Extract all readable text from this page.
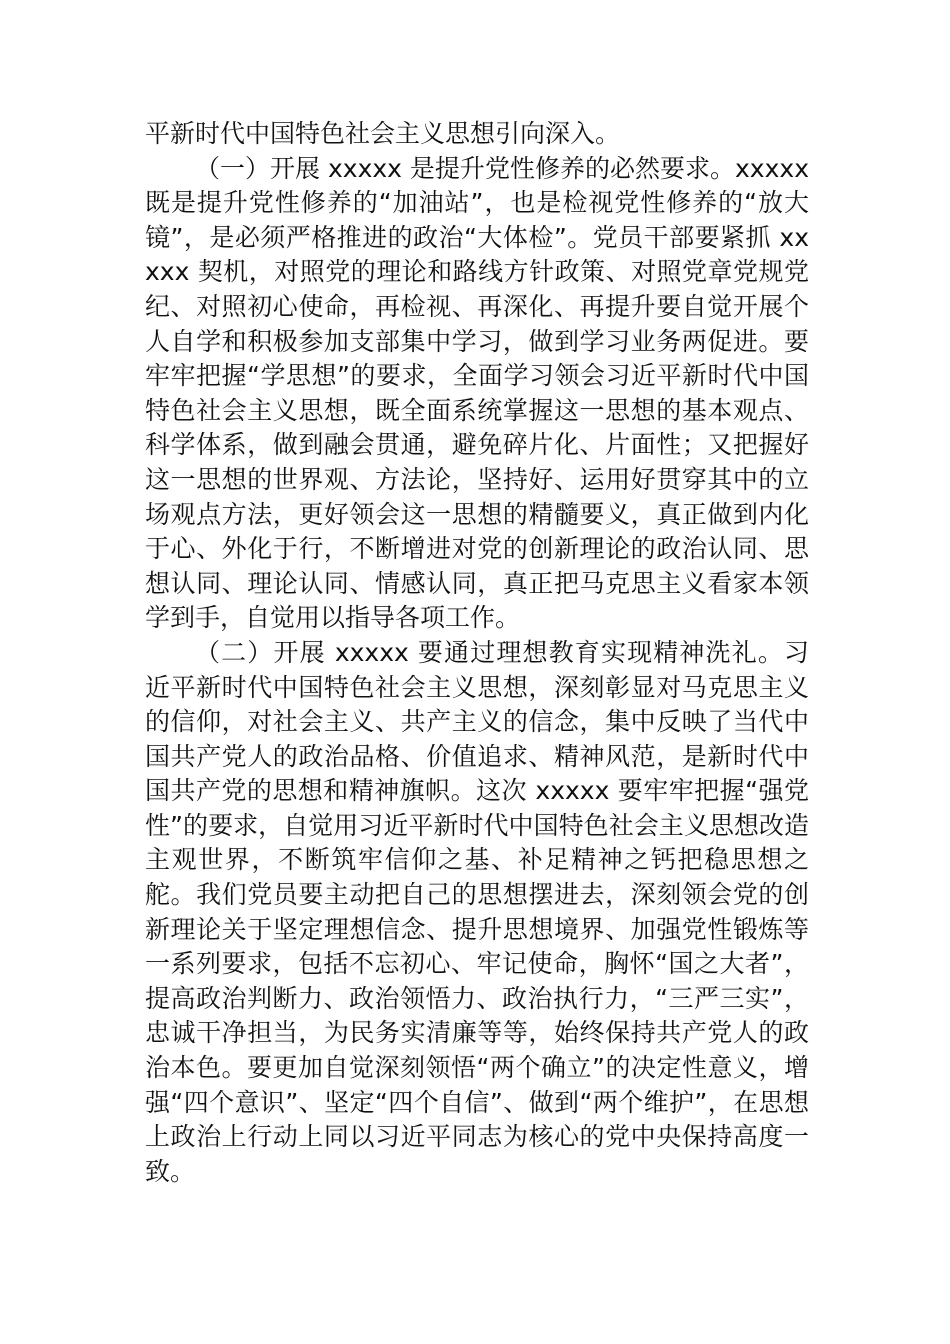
平新时代中国特色社会主义思想引向深入。

（一）开展 xxxxx 是提升党性修养的必然要求。xxxxx 既是提升党性修养的“加油站”，也是检视党性修养的“放大镜”，是必须严格推进的政治“大体检”。党员干部要紧抓 xxxxx 契机，对照党的理论和路线方针政策、对照党章党规党纪、对照初心使命，再检视、再深化、再提升要自觉开展个人自学和积极参加支部集中学习，做到学习业务两促进。要牢牢把握“学思想”的要求，全面学习领会习近平新时代中国特色社会主义思想，既全面系统掌握这一思想的基本观点、科学体系，做到融会贯通，避免碎片化、片面性；又把握好这一思想的世界观、方法论，坚持好、运用好贯穿其中的立场观点方法，更好领会这一思想的精髓要义，真正做到内化于心、外化于行，不断增进对党的创新理论的政治认同、思想认同、理论认同、情感认同，真正把马克思主义看家本领学到手，自觉用以指导各项工作。

（二）开展 xxxxx 要通过理想教育实现精神洗礼。习近平新时代中国特色社会主义思想，深刻彰显对马克思主义的信仰，对社会主义、共产主义的信念，集中反映了当代中国共产党人的政治品格、价值追求、精神风范，是新时代中国共产党的思想和精神旗帜。这次 xxxxx 要牢牢把握“强党性”的要求，自觉用习近平新时代中国特色社会主义思想改造主观世界，不断筑牢信仰之基、补足精神之钙把稳思想之舵。我们党员要主动把自己的思想摆进去，深刻领会党的创新理论关于坚定理想信念、提升思想境界、加强党性锻炼等一系列要求，包括不忘初心、牢记使命，胸怀“国之大者”，提高政治判断力、政治领悟力、政治执行力，“三严三实”，忠诚干净担当，为民务实清廉等等，始终保持共产党人的政治本色。要更加自觉深刻领悟“两个确立”的决定性意义，增强“四个意识”、坚定“四个自信”、做到“两个维护”，在思想上政治上行动上同以习近平同志为核心的党中央保持高度一致。
